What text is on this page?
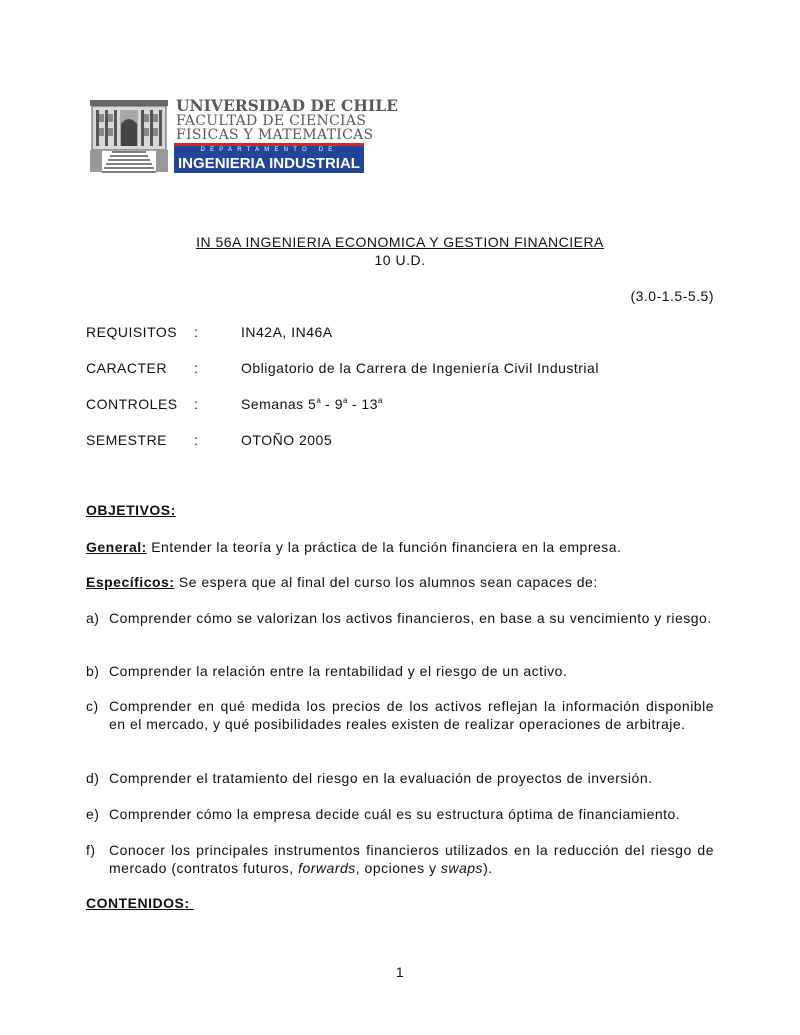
UNIVERSIDAD DE CHILE
FACULTAD DE CIENCIAS
FISICAS Y MATEMATICAS
DEPARTAMENTO DE
INGENIERIA INDUSTRIAL
IN 56A INGENIERIA ECONOMICA Y GESTION FINANCIERA
10 U.D.
(3.0-1.5-5.5)
REQUISITOS :	IN42A, IN46A
CARACTER :	Obligatorio de la Carrera de Ingeniería Civil Industrial
CONTROLES :	Semanas 5$^a$ - 9$^a$ - 13$^a$
SEMESTRE :	OTOÑO 2005
OBJETIVOS:
General: Entender la teoría y la práctica de la función financiera en la empresa.
Específicos: Se espera que al final del curso los alumnos sean capaces de:
a) Comprender cómo se valorizan los activos financieros, en base a su vencimiento y riesgo.
b) Comprender la relación entre la rentabilidad y el riesgo de un activo.
c) Comprender en qué medida los precios de los activos reflejan la información disponible en el mercado, y qué posibilidades reales existen de realizar operaciones de arbitraje.
d) Comprender el tratamiento del riesgo en la evaluación de proyectos de inversión.
e) Comprender cómo la empresa decide cuál es su estructura óptima de financiamiento.
f) Conocer los principales instrumentos financieros utilizados en la reducción del riesgo de mercado (contratos futuros, forwards, opciones y swaps).
CONTENIDOS:
1
